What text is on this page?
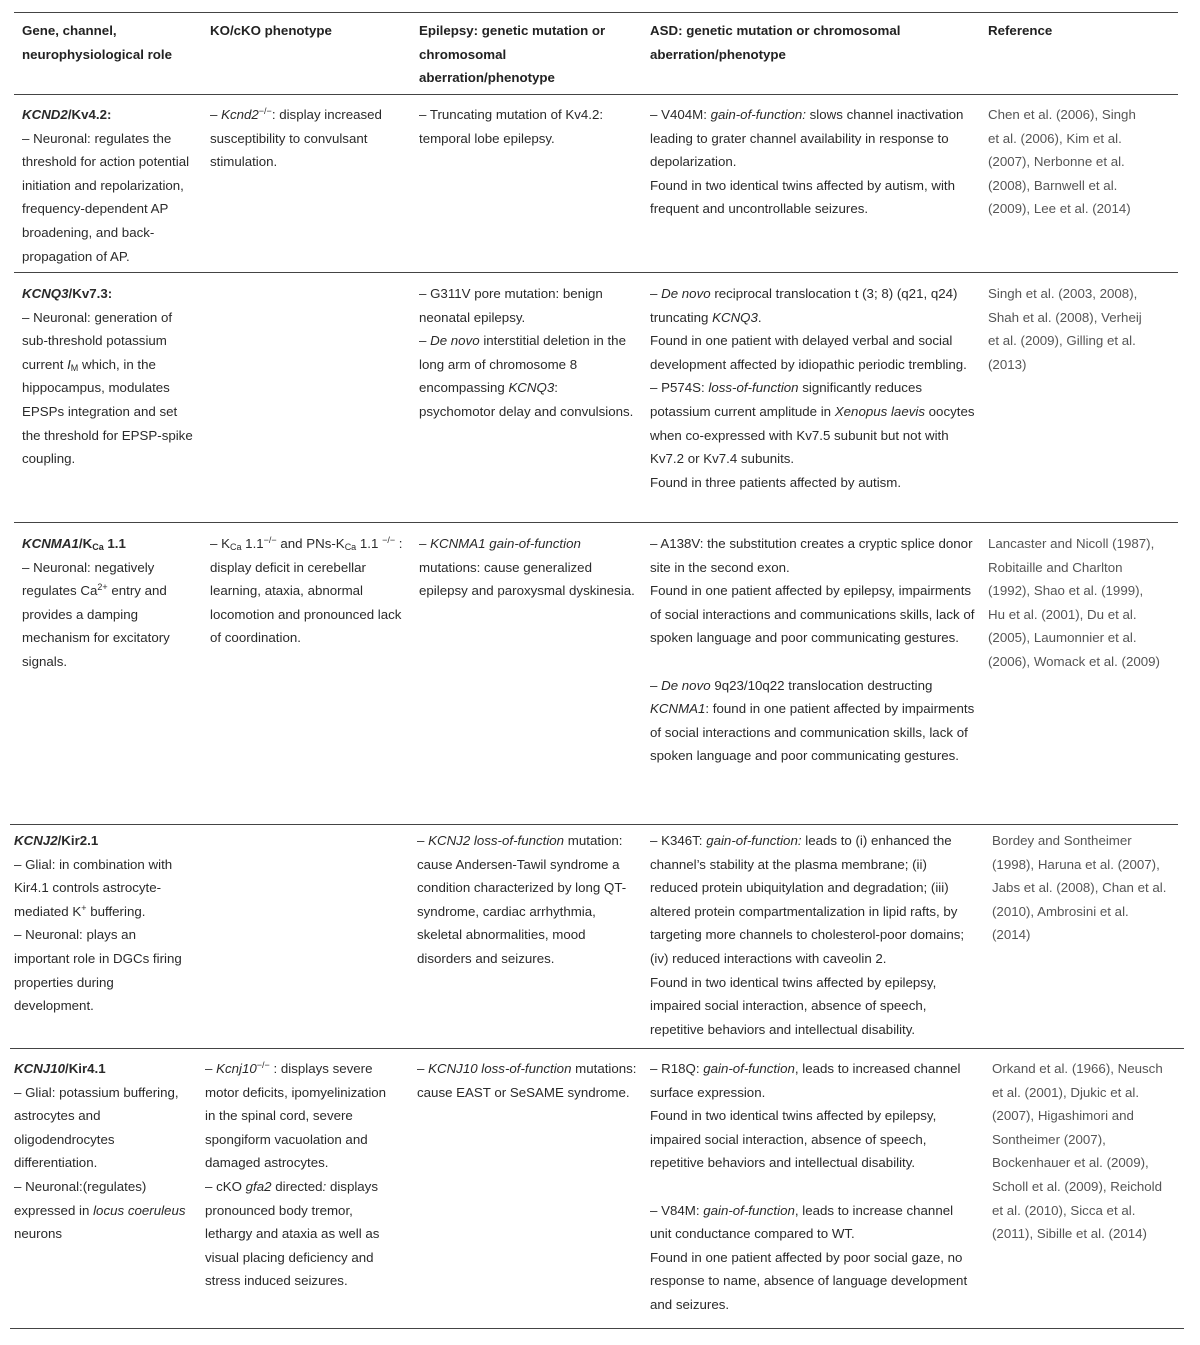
Gene, channel, neurophysiological role
KO/cKO phenotype	Epilepsy: genetic mutation or chromosomal aberration/phenotype
ASD: genetic mutation or chromosomal aberration/phenotype
Reference

KCND2/Kv4.2:

– Neuronal: regulates the threshold for action potential initiation and repolarization, frequency-dependent AP broadening, and back-propagation of AP.

– Kcnd2−/−: display increased susceptibility to convulsant stimulation.

– Truncating mutation of Kv4.2: temporal lobe epilepsy.

– V404M: gain-of-function: slows channel inactivation leading to grater channel availability in response to depolarization.

Found in two identical twins affected by autism, with frequent and uncontrollable seizures.

Chen et al. (2006), Singh et al. (2006), Kim et al. (2007), Nerbonne et al. (2008), Barnwell et al. (2009), Lee et al. (2014)

KCNQ3/Kv7.3:

– Neuronal: generation of sub-threshold potassium current $I_M$ which, in the hippocampus, modulates EPSPs integration and set the threshold for EPSP-spike coupling.

– G311V pore mutation: benign neonatal epilepsy.

– De novo interstitial deletion in the long arm of chromosome 8 encompassing KCNQ3: psychomotor delay and convulsions.

– De novo reciprocal translocation t (3; 8) (q21, q24) truncating KCNQ3.

Found in one patient with delayed verbal and social development affected by idiopathic periodic trembling.

– P574S: loss-of-function significantly reduces potassium current amplitude in Xenopus laevis oocytes when co-expressed with Kv7.5 subunit but not with Kv7.2 or Kv7.4 subunits.

Found in three patients affected by autism.

Singh et al. (2003, 2008), Shah et al. (2008), Verheij et al. (2009), Gilling et al. (2013)

$KCNMA1/K_{Ca}$ 1.1

– Neuronal: negatively regulates $Ca^{2+}$ entry and provides a damping mechanism for excitatory signals.

– $K_{Ca}$ 1.1−/− and PNs-$K_{Ca}$ 1.1 −/− : display deficit in cerebellar learning, ataxia, abnormal locomotion and pronounced lack of coordination.

– KCNMA1 gain-of-function mutations: cause generalized epilepsy and paroxysmal dyskinesia.

– A138V: the substitution creates a cryptic splice donor site in the second exon.

Found in one patient affected by epilepsy, impairments of social interactions and communications skills, lack of spoken language and poor communicating gestures.

– De novo 9q23/10q22 translocation destructing KCNMA1: found in one patient affected by impairments of social interactions and communication skills, lack of spoken language and poor communicating gestures.

Lancaster and Nicoll (1987), Robitaille and Charlton (1992), Shao et al. (1999), Hu et al. (2001), Du et al. (2005), Laumonnier et al. (2006), Womack et al. (2009)

KCNJ2/Kir2.1

– Glial: in combination with Kir4.1 controls astrocyte-mediated K+ buffering.

– Neuronal: plays an important role in DGCs firing properties during development.

– KCNJ2 loss-of-function mutation: cause Andersen-Tawil syndrome a condition characterized by long QT-syndrome, cardiac arrhythmia, skeletal abnormalities, mood disorders and seizures.

– K346T: gain-of-function: leads to (i) enhanced the channel’s stability at the plasma membrane; (ii) reduced protein ubiquitylation and degradation; (iii) altered protein compartmentalization in lipid rafts, by targeting more channels to cholesterol-poor domains; (iv) reduced interactions with caveolin 2.

Found in two identical twins affected by epilepsy, impaired social interaction, absence of speech, repetitive behaviors and intellectual disability.

Bordey and Sontheimer (1998), Haruna et al. (2007), Jabs et al. (2008), Chan et al. (2010), Ambrosini et al. (2014)

KCNJ10/Kir4.1

– Glial: potassium buffering, astrocytes and oligodendrocytes differentiation.

– Neuronal:(regulates) expressed in locus coeruleus neurons

– Kcnj10−/− : displays severe motor deficits, ipomyelinization in the spinal cord, severe spongiform vacuolation and damaged astrocytes.

– cKO gfa2 directed: displays pronounced body tremor, lethargy and ataxia as well as visual placing deficiency and stress induced seizures.

– KCNJ10 loss-of-function mutations: cause EAST or SeSAME syndrome.

– R18Q: gain-of-function, leads to increased channel surface expression.

Found in two identical twins affected by epilepsy, impaired social interaction, absence of speech, repetitive behaviors and intellectual disability.

– V84M: gain-of-function, leads to increase channel unit conductance compared to WT.

Found in one patient affected by poor social gaze, no response to name, absence of language development and seizures.

Orkand et al. (1966), Neusch et al. (2001), Djukic et al. (2007), Higashimori and Sontheimer (2007), Bockenhauer et al. (2009), Scholl et al. (2009), Reichold et al. (2010), Sicca et al. (2011), Sibille et al. (2014)
